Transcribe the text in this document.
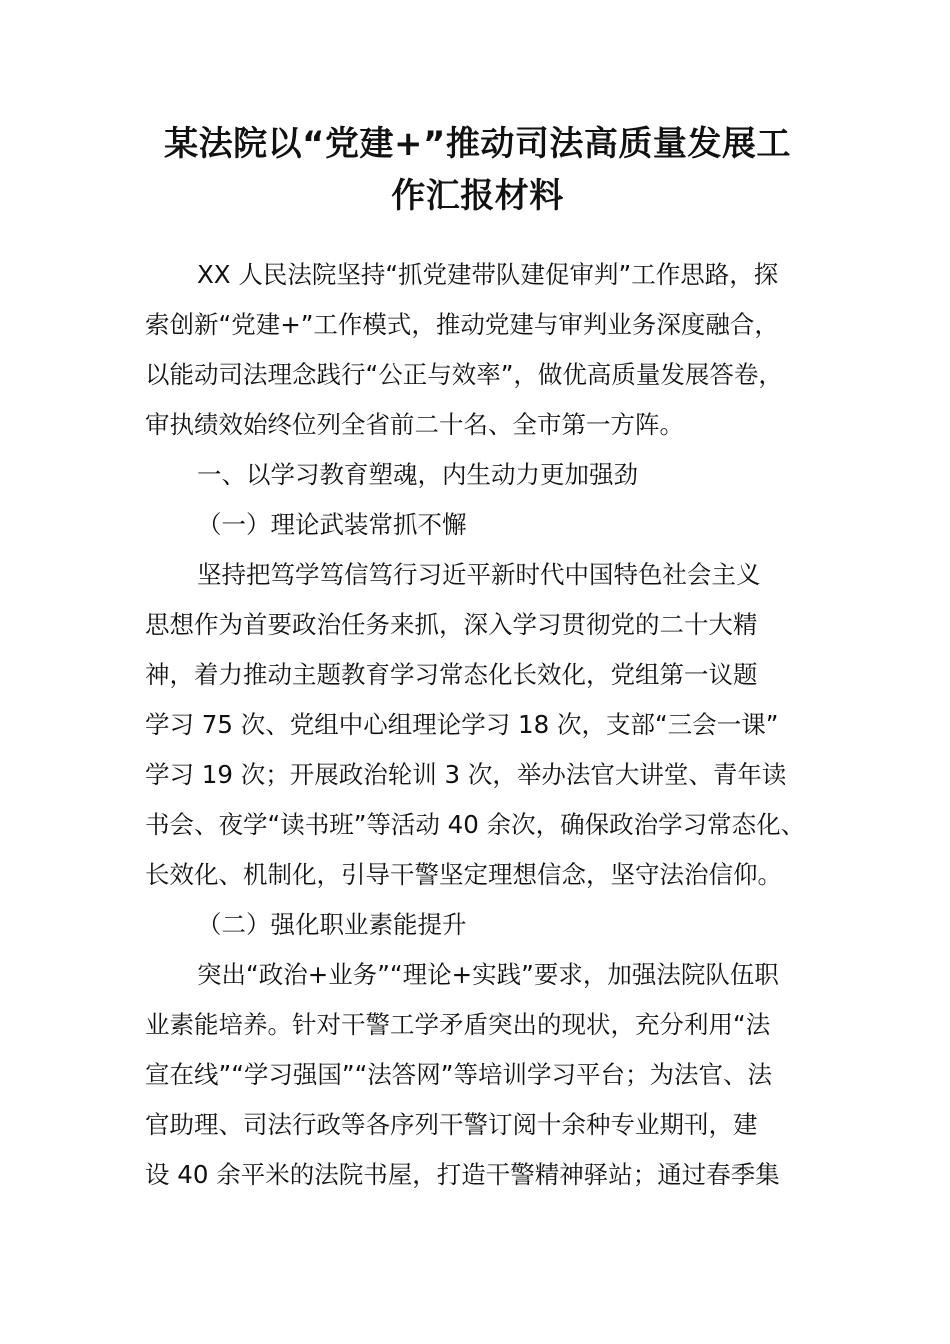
某法院以“党建+”推动司法高质量发展工
作汇报材料
XX 人民法院坚持“抓党建带队建促审判”工作思路，探
索创新“党建+”工作模式，推动党建与审判业务深度融合，
以能动司法理念践行“公正与效率”，做优高质量发展答卷，
审执绩效始终位列全省前二十名、全市第一方阵。
一、以学习教育塑魂，内生动力更加强劲
（一）理论武装常抓不懈
坚持把笃学笃信笃行习近平新时代中国特色社会主义
思想作为首要政治任务来抓，深入学习贯彻党的二十大精
神，着力推动主题教育学习常态化长效化，党组第一议题
学习 75 次、党组中心组理论学习 18 次，支部“三会一课”
学习 19 次；开展政治轮训 3 次，举办法官大讲堂、青年读
书会、夜学“读书班”等活动 40 余次，确保政治学习常态化、
长效化、机制化，引导干警坚定理想信念，坚守法治信仰。
（二）强化职业素能提升
突出“政治+业务”“理论+实践”要求，加强法院队伍职
业素能培养。针对干警工学矛盾突出的现状，充分利用“法
宣在线”“学习强国”“法答网”等培训学习平台；为法官、法
官助理、司法行政等各序列干警订阅十余种专业期刊，建
设 40 余平米的法院书屋，打造干警精神驿站；通过春季集
